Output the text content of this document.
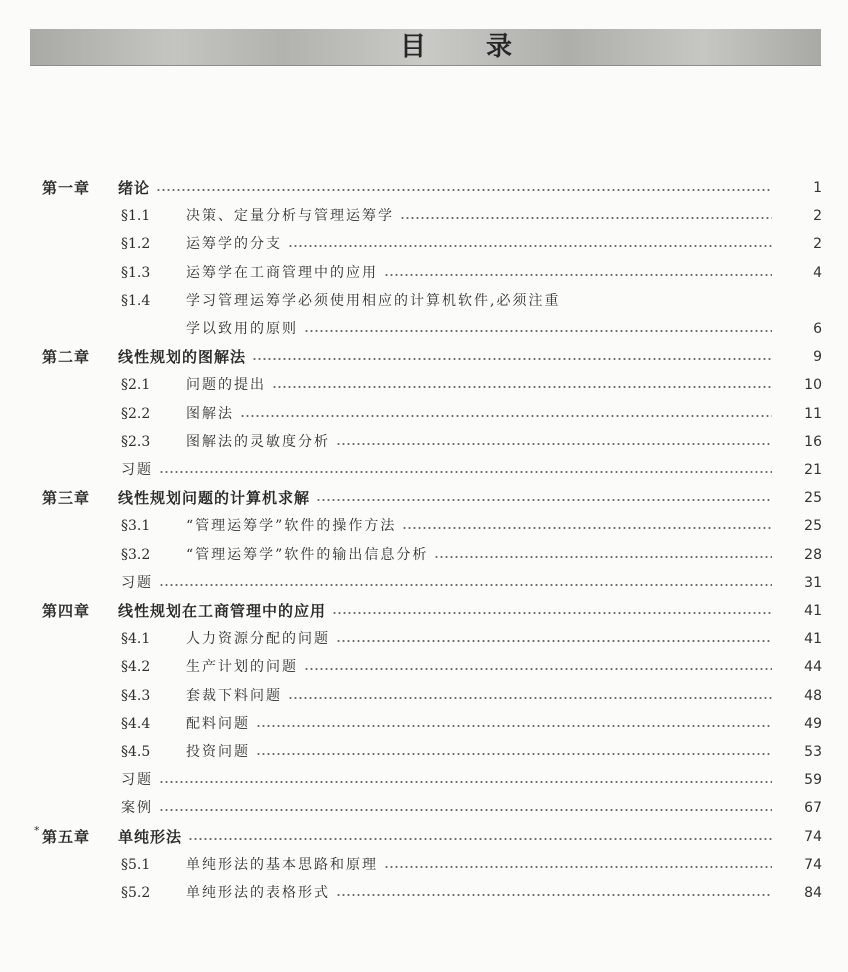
目 录
第一章 绪论	1
§1.1	决策、定量分析与管理运筹学	2
§1.2	运筹学的分支	2
§1.3	运筹学在工商管理中的应用	4
§1.4	学习管理运筹学必须使用相应的计算机软件,必须注重
学以致用的原则	6
第二章 线性规划的图解法	9
§2.1	问题的提出	10
§2.2	图解法	11
§2.3	图解法的灵敏度分析	16
习题	21
第三章 线性规划问题的计算机求解	25
§3.1	“管理运筹学”软件的操作方法	25
§3.2	“管理运筹学”软件的输出信息分析	28
习题	31
第四章 线性规划在工商管理中的应用	41
§4.1	人力资源分配的问题	41
§4.2	生产计划的问题	44
§4.3	套裁下料问题	48
§4.4	配料问题	49
§4.5	投资问题	53
习题	59
案例	67
* 第五章 单纯形法	74
§5.1	单纯形法的基本思路和原理	74
§5.2	单纯形法的表格形式	84
